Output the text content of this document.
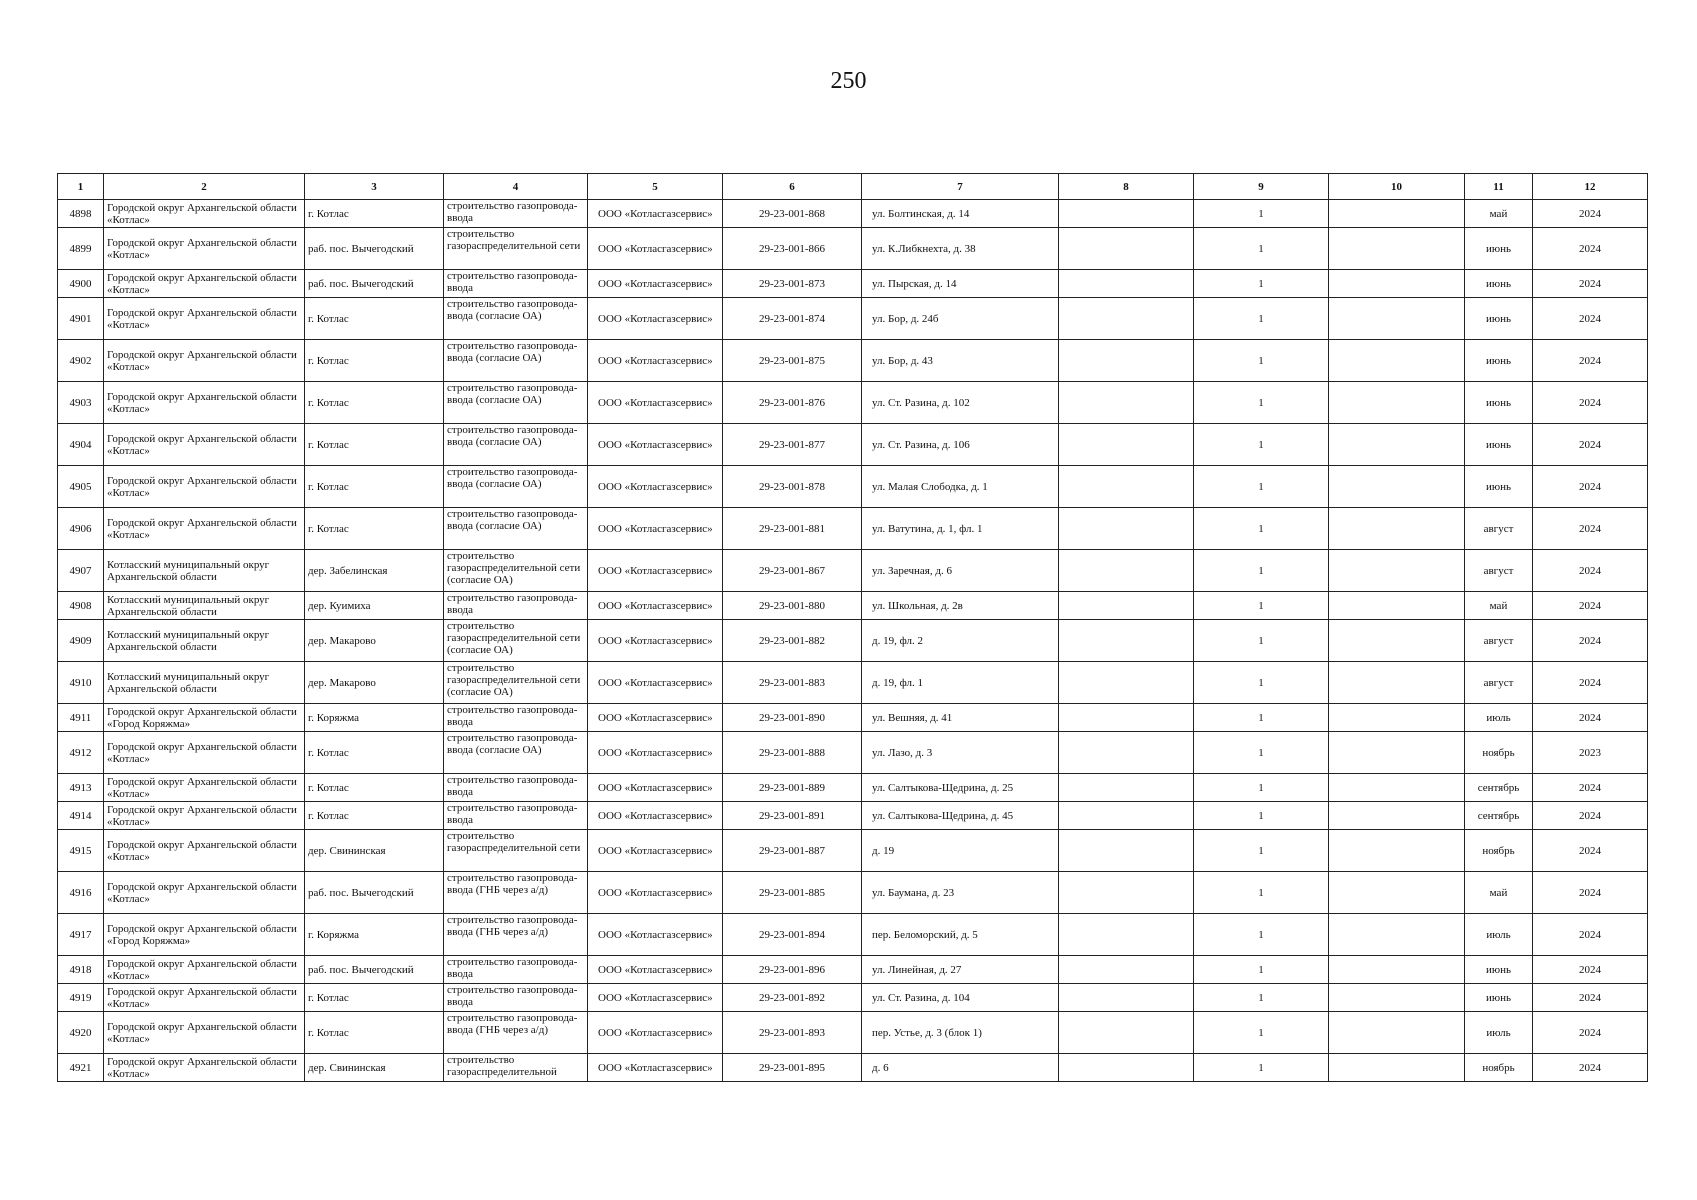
250
1	2	3	4	5	6	7	8	9	10	11	12
4898	Городской округ Архангельской области «Котлас»	г. Котлас	строительство газопровода-ввода	ООО «Котласгазсервис»	29-23-001-868	ул. Болтинская, д. 14		1		май	2024
4899	Городской округ Архангельской области «Котлас»	раб. пос. Вычегодский	строительство газораспределительной сети	ООО «Котласгазсервис»	29-23-001-866	ул. К.Либкнехта, д. 38		1		июнь	2024
4900	Городской округ Архангельской области «Котлас»	раб. пос. Вычегодский	строительство газопровода-ввода	ООО «Котласгазсервис»	29-23-001-873	ул. Пырская, д. 14		1		июнь	2024
4901	Городской округ Архангельской области «Котлас»	г. Котлас	строительство газопровода-ввода (согласие ОА)	ООО «Котласгазсервис»	29-23-001-874	ул. Бор, д. 24б		1		июнь	2024
4902	Городской округ Архангельской области «Котлас»	г. Котлас	строительство газопровода-ввода (согласие ОА)	ООО «Котласгазсервис»	29-23-001-875	ул. Бор, д. 43		1		июнь	2024
4903	Городской округ Архангельской области «Котлас»	г. Котлас	строительство газопровода-ввода (согласие ОА)	ООО «Котласгазсервис»	29-23-001-876	ул. Ст. Разина, д. 102		1		июнь	2024
4904	Городской округ Архангельской области «Котлас»	г. Котлас	строительство газопровода-ввода (согласие ОА)	ООО «Котласгазсервис»	29-23-001-877	ул. Ст. Разина, д. 106		1		июнь	2024
4905	Городской округ Архангельской области «Котлас»	г. Котлас	строительство газопровода-ввода (согласие ОА)	ООО «Котласгазсервис»	29-23-001-878	ул. Малая Слободка, д. 1		1		июнь	2024
4906	Городской округ Архангельской области «Котлас»	г. Котлас	строительство газопровода-ввода (согласие ОА)	ООО «Котласгазсервис»	29-23-001-881	ул. Ватутина, д. 1, фл. 1		1		август	2024
4907	Котласский муниципальный округ Архангельской области	дер. Забелинская	строительство газораспределительной сети (согласие ОА)	ООО «Котласгазсервис»	29-23-001-867	ул. Заречная, д. 6		1		август	2024
4908	Котласский муниципальный округ Архангельской области	дер. Куимиха	строительство газопровода-ввода	ООО «Котласгазсервис»	29-23-001-880	ул. Школьная, д. 2в		1		май	2024
4909	Котласский муниципальный округ Архангельской области	дер. Макарово	строительство газораспределительной сети (согласие ОА)	ООО «Котласгазсервис»	29-23-001-882	д. 19, фл. 2		1		август	2024
4910	Котласский муниципальный округ Архангельской области	дер. Макарово	строительство газораспределительной сети (согласие ОА)	ООО «Котласгазсервис»	29-23-001-883	д. 19, фл. 1		1		август	2024
4911	Городской округ Архангельской области «Город Коряжма»	г. Коряжма	строительство газопровода-ввода	ООО «Котласгазсервис»	29-23-001-890	ул. Вешняя, д. 41		1		июль	2024
4912	Городской округ Архангельской области «Котлас»	г. Котлас	строительство газопровода-ввода (согласие ОА)	ООО «Котласгазсервис»	29-23-001-888	ул. Лазо, д. 3		1		ноябрь	2023
4913	Городской округ Архангельской области «Котлас»	г. Котлас	строительство газопровода-ввода	ООО «Котласгазсервис»	29-23-001-889	ул. Салтыкова-Щедрина, д. 25		1		сентябрь	2024
4914	Городской округ Архангельской области «Котлас»	г. Котлас	строительство газопровода-ввода	ООО «Котласгазсервис»	29-23-001-891	ул. Салтыкова-Щедрина, д. 45		1		сентябрь	2024
4915	Городской округ Архангельской области «Котлас»	дер. Свининская	строительство газораспределительной сети	ООО «Котласгазсервис»	29-23-001-887	д. 19		1		ноябрь	2024
4916	Городской округ Архангельской области «Котлас»	раб. пос. Вычегодский	строительство газопровода-ввода (ГНБ через а/д)	ООО «Котласгазсервис»	29-23-001-885	ул. Баумана, д. 23		1		май	2024
4917	Городской округ Архангельской области «Город Коряжма»	г. Коряжма	строительство газопровода-ввода (ГНБ через а/д)	ООО «Котласгазсервис»	29-23-001-894	пер. Беломорский, д. 5		1		июль	2024
4918	Городской округ Архангельской области «Котлас»	раб. пос. Вычегодский	строительство газопровода-ввода	ООО «Котласгазсервис»	29-23-001-896	ул. Линейная, д. 27		1		июнь	2024
4919	Городской округ Архангельской области «Котлас»	г. Котлас	строительство газопровода-ввода	ООО «Котласгазсервис»	29-23-001-892	ул. Ст. Разина, д. 104		1		июнь	2024
4920	Городской округ Архангельской области «Котлас»	г. Котлас	строительство газопровода-ввода (ГНБ через а/д)	ООО «Котласгазсервис»	29-23-001-893	пер. Устье, д. 3 (блок 1)		1		июль	2024
4921	Городской округ Архангельской области «Котлас»	дер. Свининская	строительство газораспределительной	ООО «Котласгазсервис»	29-23-001-895	д. 6		1		ноябрь	2024
